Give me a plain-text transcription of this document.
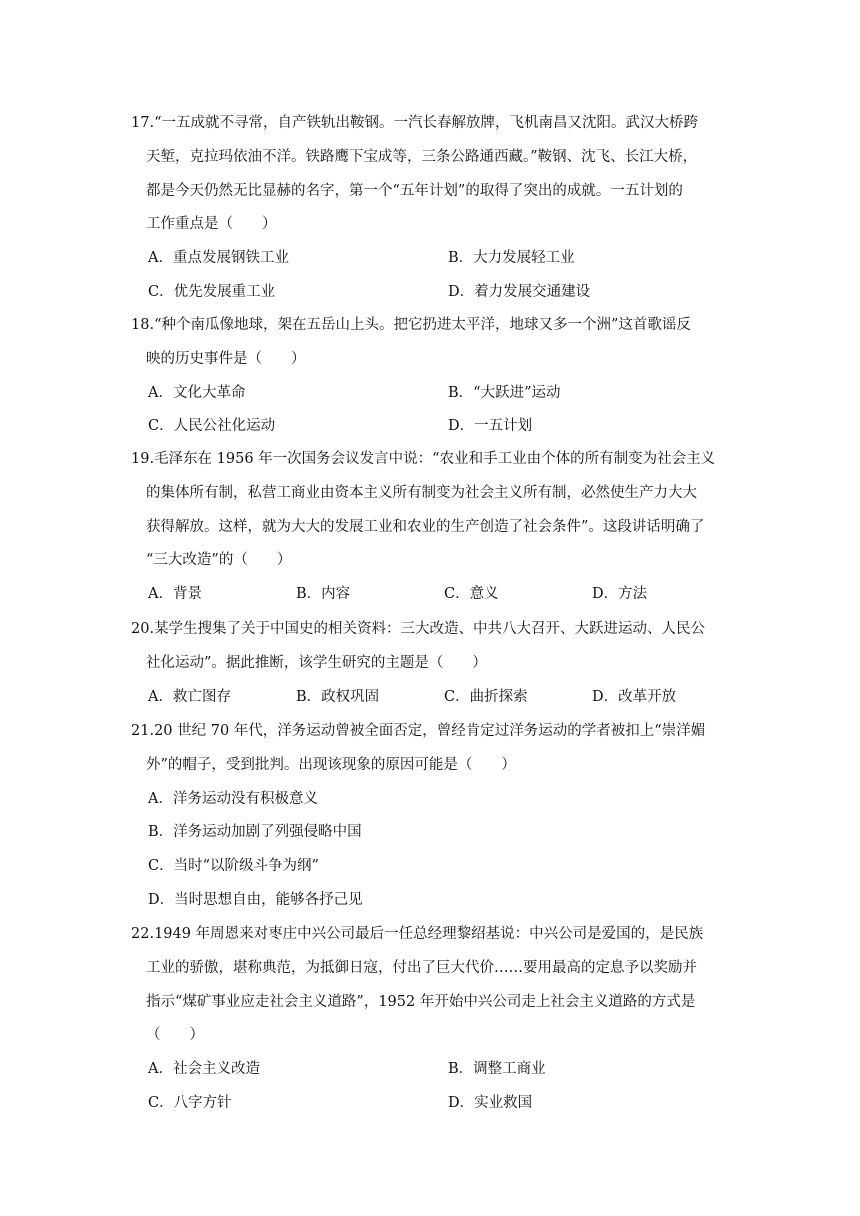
17.“一五成就不寻常，自产铁轨出鞍钢。一汽长春解放牌，飞机南昌又沈阳。武汉大桥跨
天堑，克拉玛依油不洋。铁路鹰下宝成等，三条公路通西藏。”鞍钢、沈飞、长江大桥，
都是今天仍然无比显赫的名字，第一个“五年计划”的取得了突出的成就。一五计划的
工作重点是（　　）
A．重点发展钢铁工业	B．大力发展轻工业
C．优先发展重工业	D．着力发展交通建设
18.“种个南瓜像地球，架在五岳山上头。把它扔进太平洋，地球又多一个洲”这首歌谣反
映的历史事件是（　　）
A．文化大革命	B．“大跃进”运动
C．人民公社化运动	D．一五计划
19.毛泽东在 1956 年一次国务会议发言中说：“农业和手工业由个体的所有制变为社会主义
的集体所有制，私营工商业由资本主义所有制变为社会主义所有制，必然使生产力大大
获得解放。这样，就为大大的发展工业和农业的生产创造了社会条件”。这段讲话明确了
“三大改造”的（　　）
A．背景	B．内容	C．意义	D．方法
20.某学生搜集了关于中国史的相关资料：三大改造、中共八大召开、大跃进运动、人民公
社化运动”。据此推断，该学生研究的主题是（　　）
A．救亡图存	B．政权巩固	C．曲折探索	D．改革开放
21.20 世纪 70 年代，洋务运动曾被全面否定，曾经肯定过洋务运动的学者被扣上“崇洋媚
外”的帽子，受到批判。出现该现象的原因可能是（　　）
A．洋务运动没有积极意义
B．洋务运动加剧了列强侵略中国
C．当时“以阶级斗争为纲”
D．当时思想自由，能够各抒己见
22.1949 年周恩来对枣庄中兴公司最后一任总经理黎绍基说：中兴公司是爱国的，是民族
工业的骄傲，堪称典范，为抵御日寇，付出了巨大代价……要用最高的定息予以奖励并
指示“煤矿事业应走社会主义道路”，1952 年开始中兴公司走上社会主义道路的方式是
（　　）
A．社会主义改造	B．调整工商业
C．八字方针	D．实业救国
